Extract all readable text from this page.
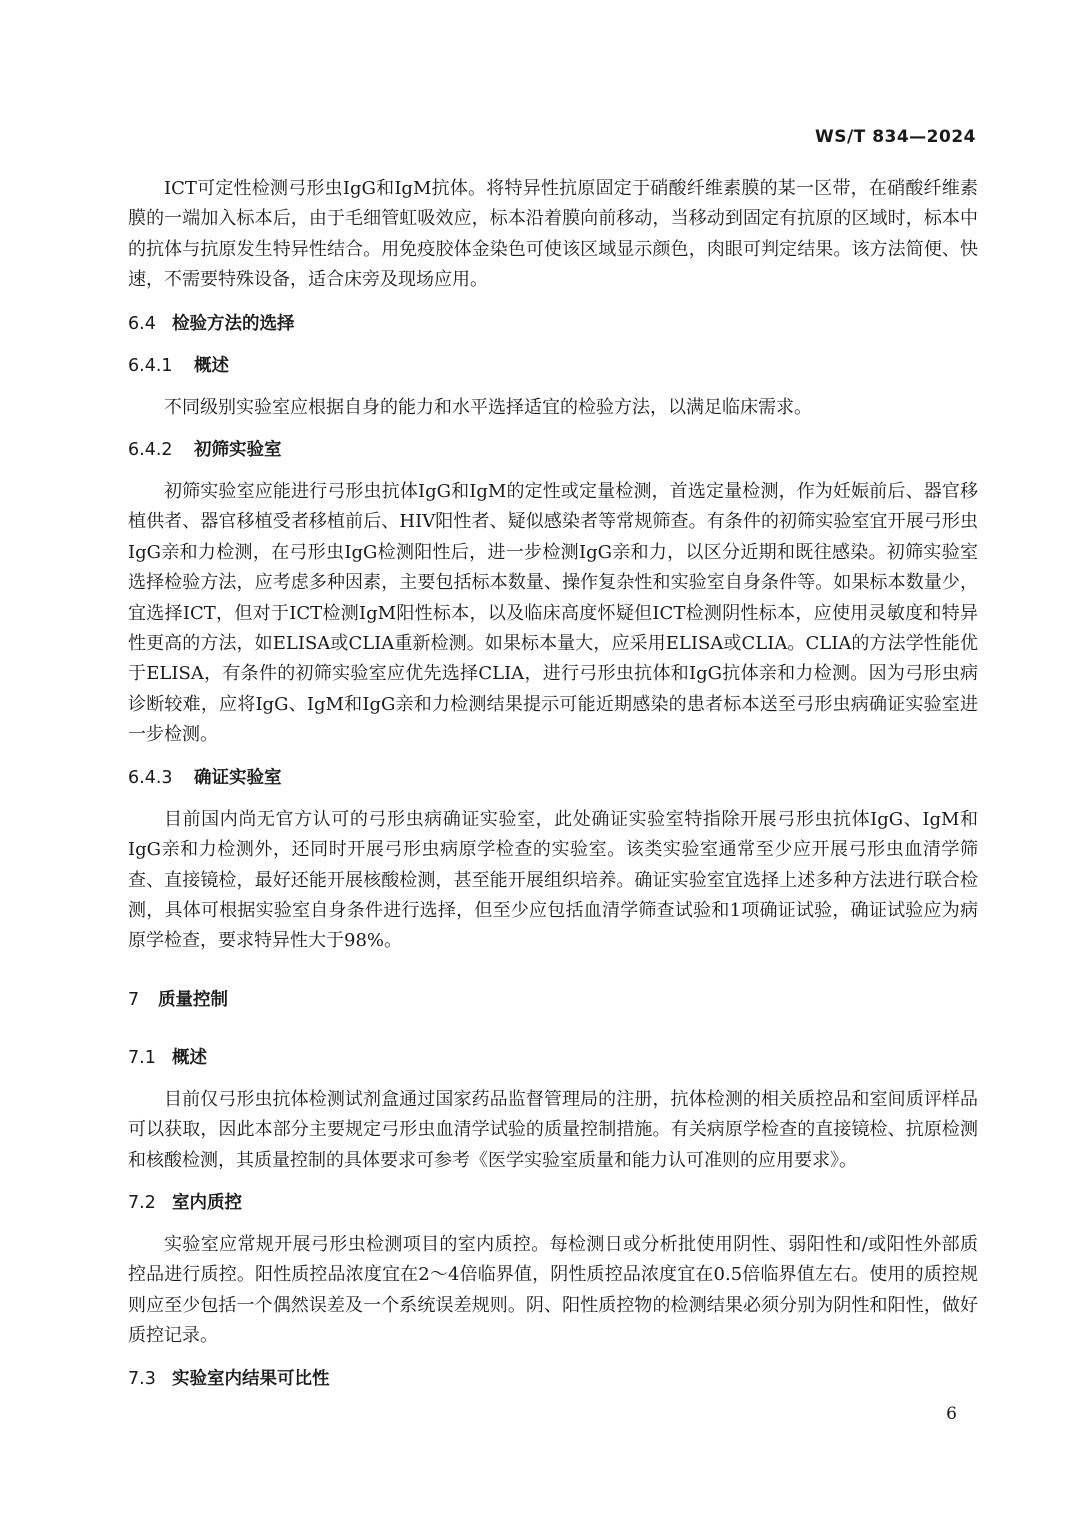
WS/T 834—2024

ICT可定性检测弓形虫IgG和IgM抗体。将特异性抗原固定于硝酸纤维素膜的某一区带，在硝酸纤维素膜的一端加入标本后，由于毛细管虹吸效应，标本沿着膜向前移动，当移动到固定有抗原的区域时，标本中的抗体与抗原发生特异性结合。用免疫胶体金染色可使该区域显示颜色，肉眼可判定结果。该方法简便、快速，不需要特殊设备，适合床旁及现场应用。

6.4 检验方法的选择
6.4.1 概述

不同级别实验室应根据自身的能力和水平选择适宜的检验方法，以满足临床需求。

6.4.2 初筛实验室

初筛实验室应能进行弓形虫抗体IgG和IgM的定性或定量检测，首选定量检测，作为妊娠前后、器官移植供者、器官移植受者移植前后、HIV阳性者、疑似感染者等常规筛查。有条件的初筛实验室宜开展弓形虫IgG亲和力检测，在弓形虫IgG检测阳性后，进一步检测IgG亲和力，以区分近期和既往感染。初筛实验室选择检验方法，应考虑多种因素，主要包括标本数量、操作复杂性和实验室自身条件等。如果标本数量少，宜选择ICT，但对于ICT检测IgM阳性标本，以及临床高度怀疑但ICT检测阴性标本，应使用灵敏度和特异性更高的方法，如ELISA或CLIA重新检测。如果标本量大，应采用ELISA或CLIA。CLIA的方法学性能优于ELISA，有条件的初筛实验室应优先选择CLIA，进行弓形虫抗体和IgG抗体亲和力检测。因为弓形虫病诊断较难，应将IgG、IgM和IgG亲和力检测结果提示可能近期感染的患者标本送至弓形虫病确证实验室进一步检测。

6.4.3 确证实验室

目前国内尚无官方认可的弓形虫病确证实验室，此处确证实验室特指除开展弓形虫抗体IgG、IgM和IgG亲和力检测外，还同时开展弓形虫病原学检查的实验室。该类实验室通常至少应开展弓形虫血清学筛查、直接镜检，最好还能开展核酸检测，甚至能开展组织培养。确证实验室宜选择上述多种方法进行联合检测，具体可根据实验室自身条件进行选择，但至少应包括血清学筛查试验和1项确证试验，确证试验应为病原学检查，要求特异性大于98%。

7 质量控制
7.1 概述

目前仅弓形虫抗体检测试剂盒通过国家药品监督管理局的注册，抗体检测的相关质控品和室间质评样品可以获取，因此本部分主要规定弓形虫血清学试验的质量控制措施。有关病原学检查的直接镜检、抗原检测和核酸检测，其质量控制的具体要求可参考《医学实验室质量和能力认可准则的应用要求》。

7.2 室内质控

实验室应常规开展弓形虫检测项目的室内质控。每检测日或分析批使用阴性、弱阳性和/或阳性外部质控品进行质控。阳性质控品浓度宜在2～4倍临界值，阴性质控品浓度宜在0.5倍临界值左右。使用的质控规则应至少包括一个偶然误差及一个系统误差规则。阴、阳性质控物的检测结果必须分别为阴性和阳性，做好质控记录。

7.3 实验室内结果可比性
6
